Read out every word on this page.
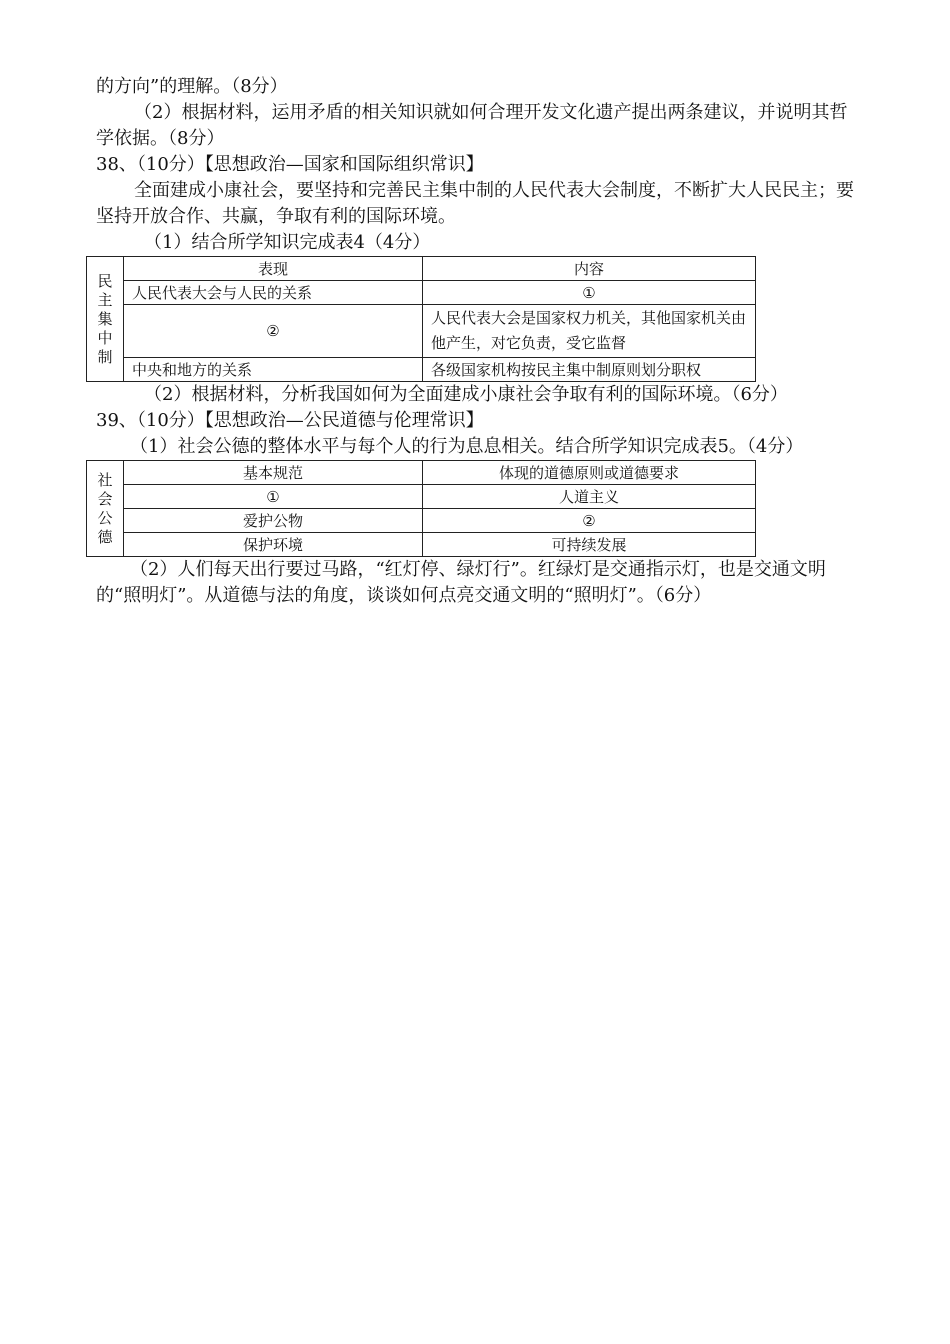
的方向”的理解。（8分）

（2）根据材料，运用矛盾的相关知识就如何合理开发文化遗产提出两条建议，并说明其哲学依据。（8分）

38、（10分）【思想政治—国家和国际组织常识】

全面建成小康社会，要坚持和完善民主集中制的人民代表大会制度，不断扩大人民民主；要坚持开放合作、共赢，争取有利的国际环境。

（1）结合所学知识完成表4（4分）

民主集中制	表现	内容
	人民代表大会与人民的关系	①
	②	人民代表大会是国家权力机关，其他国家机关由他产生，对它负责，受它监督
	中央和地方的关系	各级国家机构按民主集中制原则划分职权

（2）根据材料，分析我国如何为全面建成小康社会争取有利的国际环境。（6分）

39、（10分）【思想政治—公民道德与伦理常识】

（1）社会公德的整体水平与每个人的行为息息相关。结合所学知识完成表5。（4分）

社会公德	基本规范	体现的道德原则或道德要求
	①	人道主义
	爱护公物	②
	保护环境	可持续发展

（2）人们每天出行要过马路，“红灯停、绿灯行”。红绿灯是交通指示灯，也是交通文明的“照明灯”。从道德与法的角度，谈谈如何点亮交通文明的“照明灯”。（6分）
